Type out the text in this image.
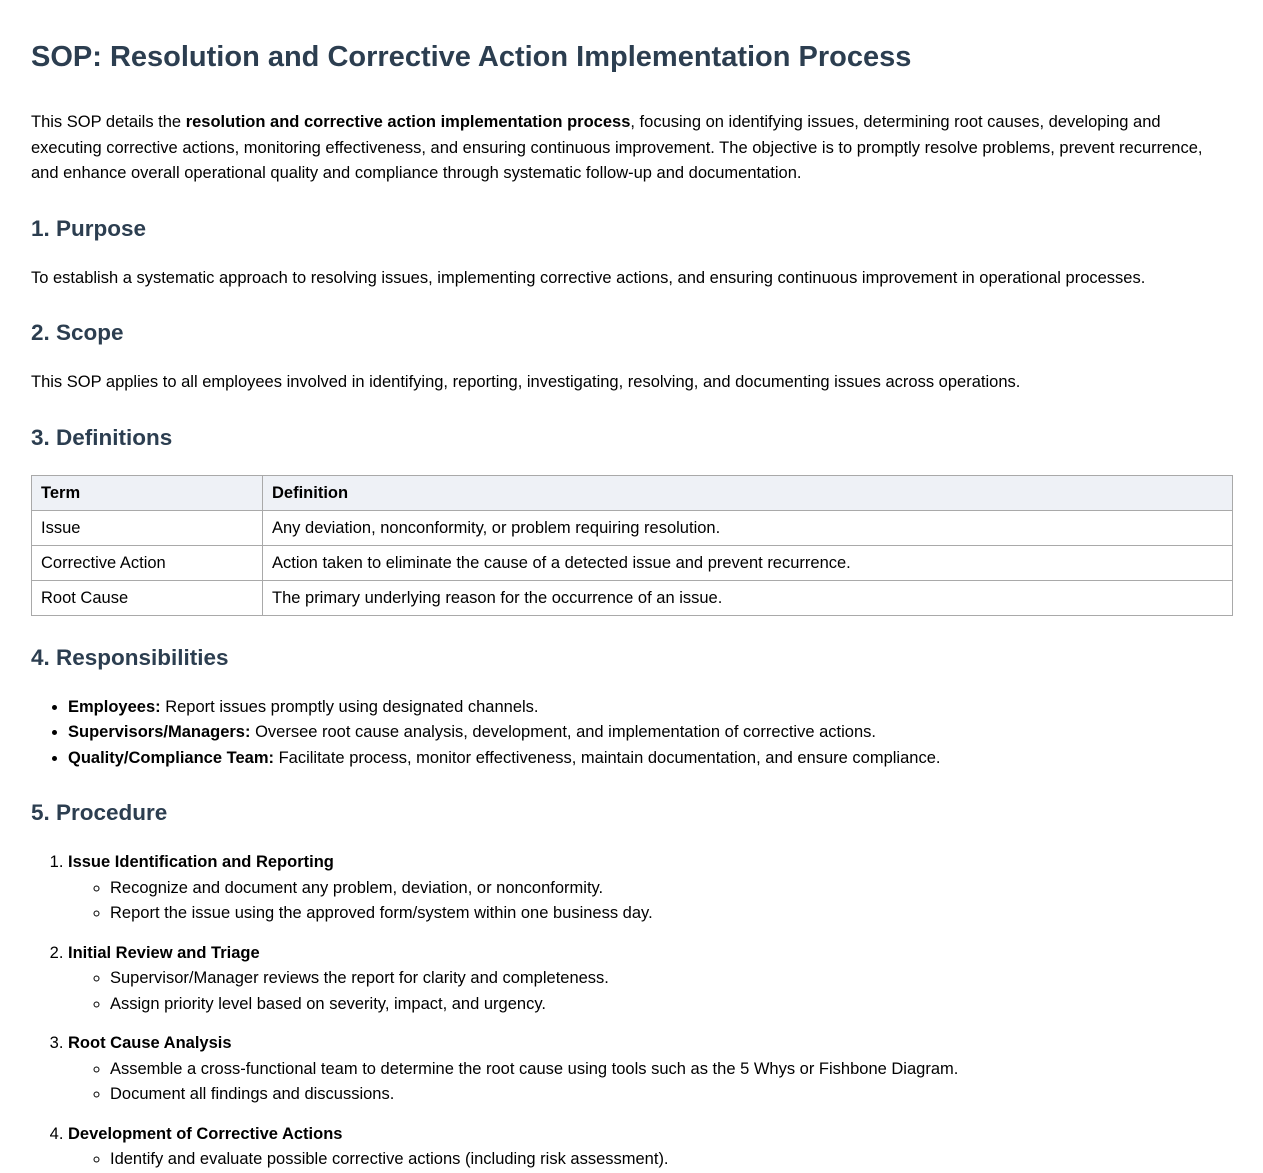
SOP: Resolution and Corrective Action Implementation Process

This SOP details the resolution and corrective action implementation process, focusing on identifying issues, determining root causes, developing and executing corrective actions, monitoring effectiveness, and ensuring continuous improvement. The objective is to promptly resolve problems, prevent recurrence, and enhance overall operational quality and compliance through systematic follow-up and documentation.

1. Purpose

To establish a systematic approach to resolving issues, implementing corrective actions, and ensuring continuous improvement in operational processes.

2. Scope

This SOP applies to all employees involved in identifying, reporting, investigating, resolving, and documenting issues across operations.

3. Definitions
Term	Definition
Issue	Any deviation, nonconformity, or problem requiring resolution.
Corrective Action	Action taken to eliminate the cause of a detected issue and prevent recurrence.
Root Cause	The primary underlying reason for the occurrence of an issue.
4. Responsibilities
• Employees: Report issues promptly using designated channels.
• Supervisors/Managers: Oversee root cause analysis, development, and implementation of corrective actions.
• Quality/Compliance Team: Facilitate process, monitor effectiveness, maintain documentation, and ensure compliance.
5. Procedure
1. Issue Identification and Reporting
◦ Recognize and document any problem, deviation, or nonconformity.
◦ Report the issue using the approved form/system within one business day.
2. Initial Review and Triage
◦ Supervisor/Manager reviews the report for clarity and completeness.
◦ Assign priority level based on severity, impact, and urgency.
3. Root Cause Analysis
◦ Assemble a cross-functional team to determine the root cause using tools such as the 5 Whys or Fishbone Diagram.
◦ Document all findings and discussions.
4. Development of Corrective Actions
◦ Identify and evaluate possible corrective actions (including risk assessment).
